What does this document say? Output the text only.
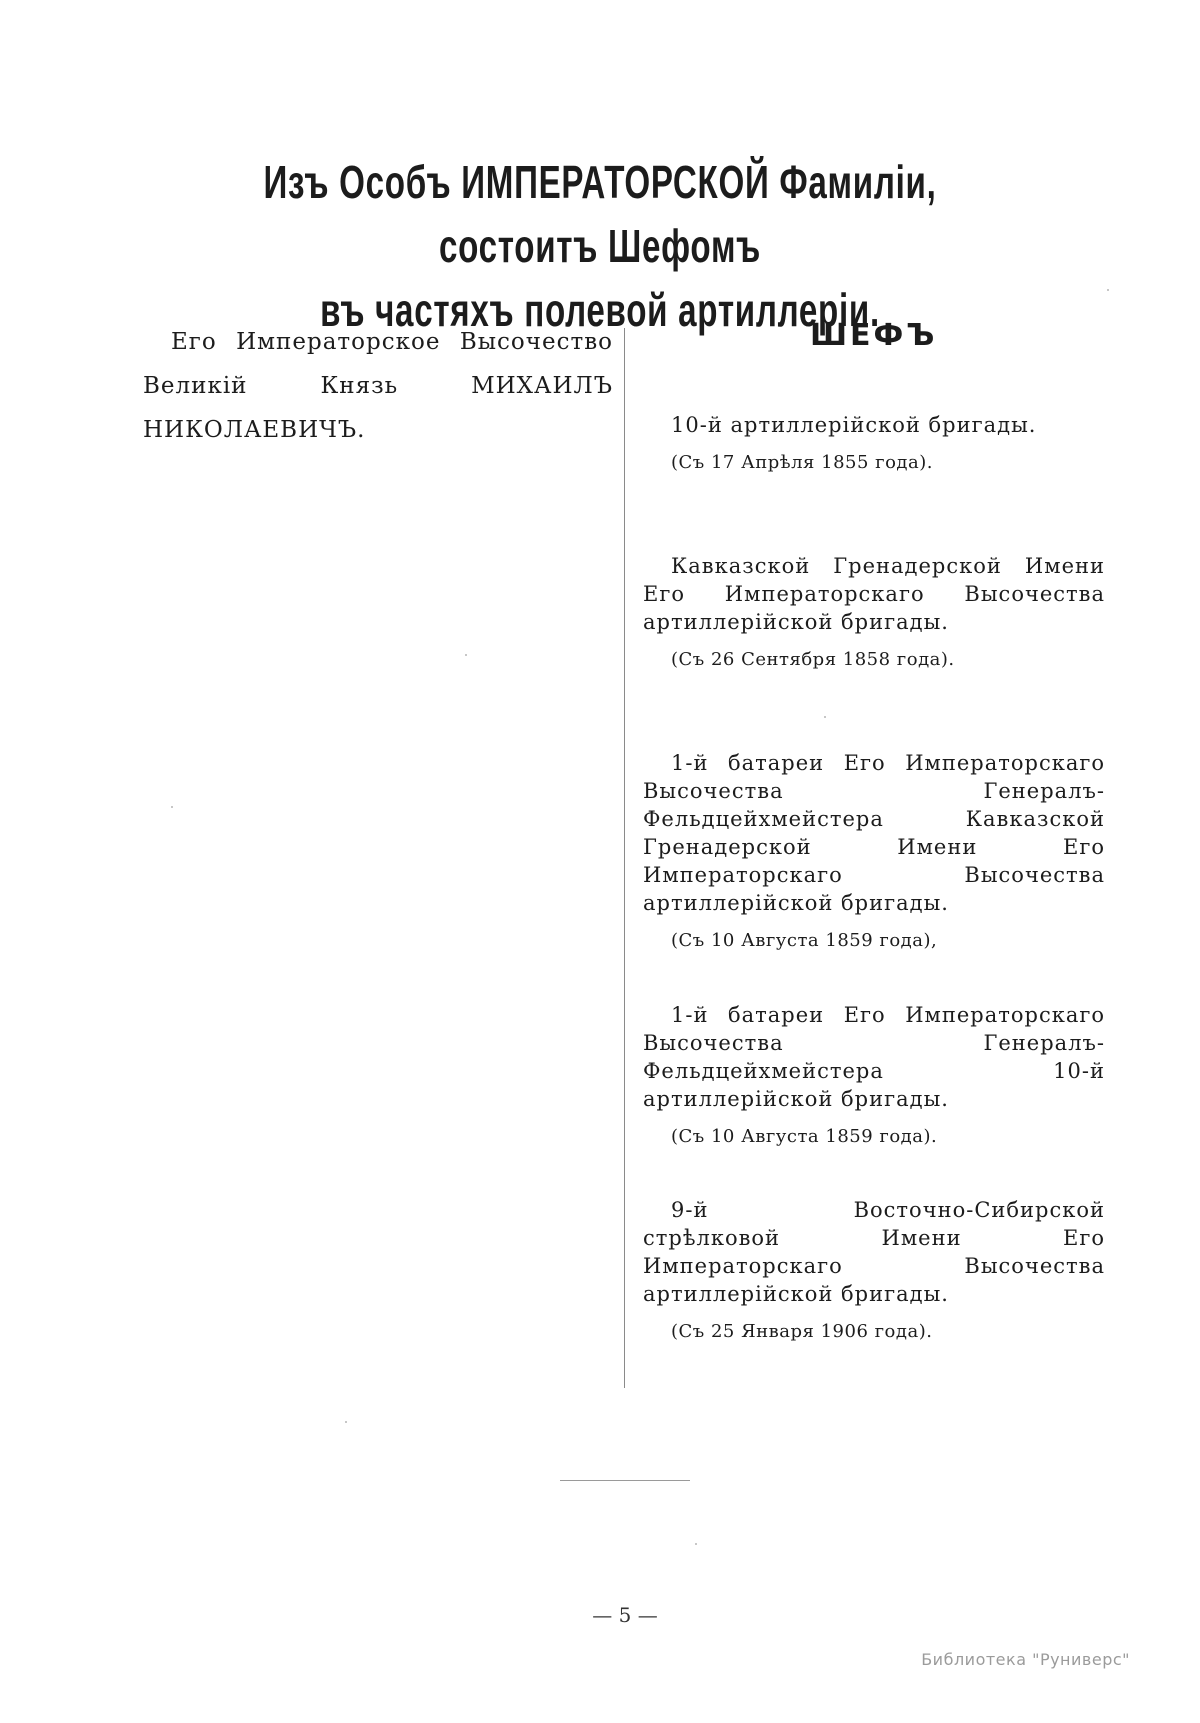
Изъ Особъ ИМПЕРАТОРСКОЙ Фамиліи, состоитъ Шефомъ
въ частяхъ полевой артиллеріи.
Его Императорское Высочество Великій Князь МИХАИЛЪ НИКОЛАЕВИЧЪ.
ШЕФЪ
10-й артиллерійской бригады.
(Съ 17 Апрѣля 1855 года).
Кавказской Гренадерской Имени Его Императорскаго Высочества артиллерійской бригады.
(Съ 26 Сентября 1858 года).
1-й батареи Его Императорскаго Высочества Генералъ-Фельдцейхмейстера Кавказской Гренадерской Имени Его Императорскаго Высочества артиллерійской бригады.
(Съ 10 Августа 1859 года),
1-й батареи Его Императорскаго Высочества Генералъ-Фельдцейхмейстера 10-й артиллерійской бригады.
(Съ 10 Августа 1859 года).
9-й Восточно-Сибирской стрѣлковой Имени Его Императорскаго Высочества артиллерійской бригады.
(Съ 25 Января 1906 года).
— 5 —
Библиотека "Руниверс"
